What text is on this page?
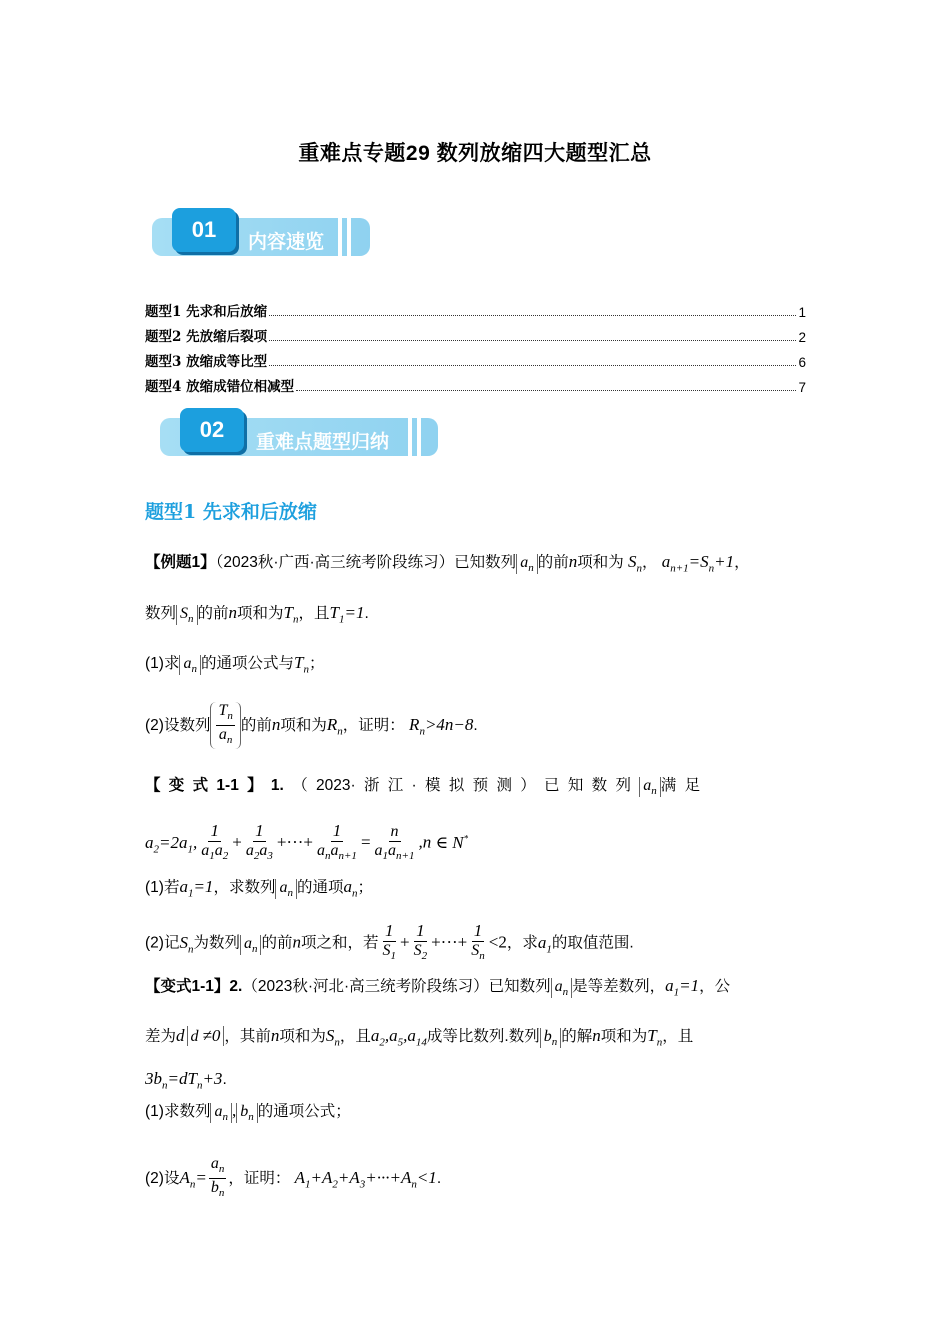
重难点专题29 数列放缩四大题型汇总
01
内容速览
题型1 先求和后放缩	1
题型2 先放缩后裂项	2
题型3 放缩成等比型	6
题型4 放缩成错位相减型	7
02
重难点题型归纳
题型1 先求和后放缩
【例题1】（2023秋·广西·高三统考阶段练习）已知数列 $a_n$ 的前n项和为 $S_n$， $a_{n+1}=S_n+1$，
数列 $S_n$ 的前n项和为$T_n$，且$T_1=1$.
(1)求 $a_n$ 的通项公式与$T_n$；
(2)设数列 $\frac{T_n}{a_n}$ 的前n项和为$R_n$，证明： $R_n>4n-8$.
【 变 式 1-1 】 1. （ 2023· 浙 江 · 模 拟 预 测 ） 已 知 数 列 $a_n$ 满 足
$a_2=2a_1$, $\frac{1}{a_1a_2} + \frac{1}{a_2a_3}$ +···+ $\frac{1}{a_na_{n+1}} = \frac{n}{a_1a_{n+1}} ,n$ ∈ N*
(1)若$a_1=1$，求数列 $a_n$ 的通项$a_n$；
(2)记$S_n$为数列 $a_n$ 的前n项之和，若 $\frac{1}{S_1} + \frac{1}{S_2}$ +···+ $\frac{1}{S_n} <2$，求$a_1$的取值范围.
【变式1-1】2.（2023秋·河北·高三统考阶段练习）已知数列 $a_n$ 是等差数列，$a_1=1$，公
差为d d ≠0 ，其前n项和为$S_n$，且$a_2,a_5,a_{14}$成等比数列.数列 $b_n$ 的解n项和为$T_n$，且
$3b_n=dT_n+3$.
(1)求数列 $a_n$ , $b_n$ 的通项公式；
(2)设$A_n= \frac{a_n}{b_n}$ ，证明： $A_1+A_2+A_3+\cdot\cdot\cdot+A_n<1$.
